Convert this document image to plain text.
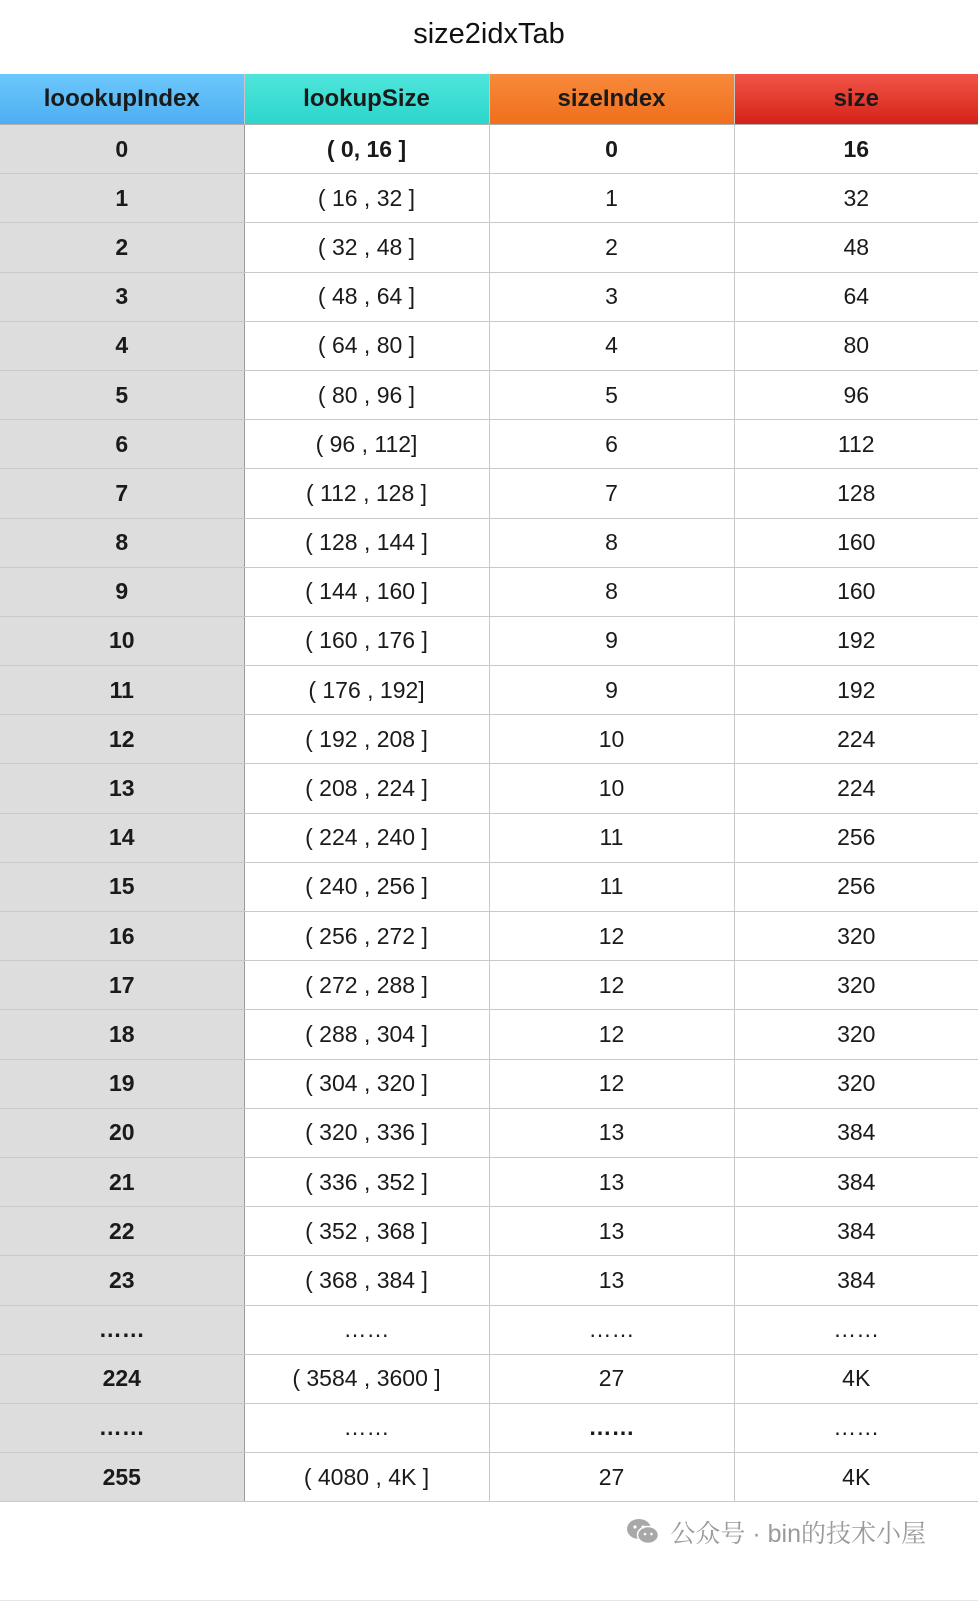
size2idxTab
loookupIndex	lookupSize	sizeIndex	size
0	( 0, 16 ]	0	16
1	( 16 , 32 ]	1	32
2	( 32 , 48 ]	2	48
3	( 48 , 64 ]	3	64
4	( 64 , 80 ]	4	80
5	( 80 , 96 ]	5	96
6	( 96 , 112]	6	112
7	( 112 , 128 ]	7	128
8	( 128 , 144 ]	8	160
9	( 144 , 160 ]	8	160
10	( 160 , 176 ]	9	192
11	( 176 , 192]	9	192
12	( 192 , 208 ]	10	224
13	( 208 , 224 ]	10	224
14	( 224 , 240 ]	11	256
15	( 240 , 256 ]	11	256
16	( 256 , 272 ]	12	320
17	( 272 , 288 ]	12	320
18	( 288 , 304 ]	12	320
19	( 304 , 320 ]	12	320
20	( 320 , 336 ]	13	384
21	( 336 , 352 ]	13	384
22	( 352 , 368 ]	13	384
23	( 368 , 384 ]	13	384
……	……	……	……
224	( 3584 , 3600 ]	27	4K
……	……	……	……
255	( 4080 , 4K ]	27	4K
公众号 · bin的技术小屋
